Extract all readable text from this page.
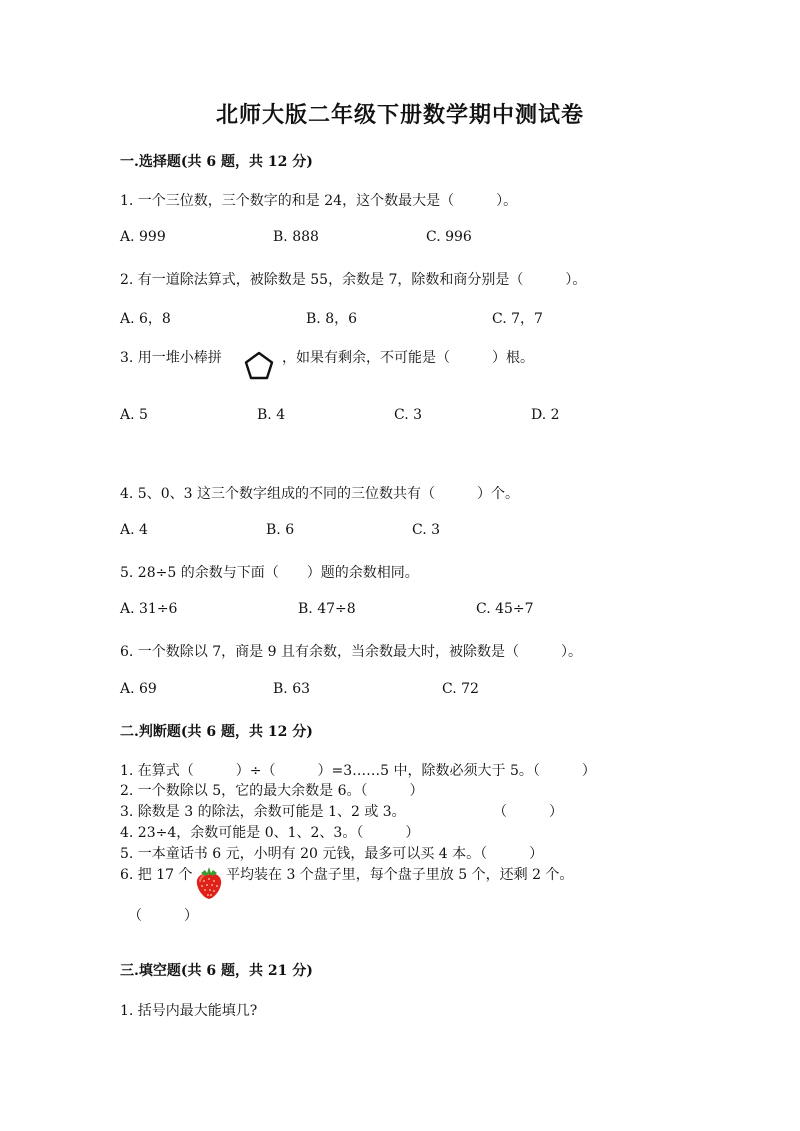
北师大版二年级下册数学期中测试卷
一.选择题(共 6 题，共 12 分)
1. 一个三位数，三个数字的和是 24，这个数最大是（　　　）。
A. 999	B. 888	C. 996
2. 有一道除法算式，被除数是 55，余数是 7，除数和商分别是（　　　）。
A. 6，8	B. 8，6	C. 7，7
3. 用一堆小棒拼	，如果有剩余，不可能是（　　　）根。
A. 5	B. 4	C. 3	D. 2
4. 5、0、3 这三个数字组成的不同的三位数共有（　　　）个。
A. 4	B. 6	C. 3
5. 28÷5 的余数与下面（　　）题的余数相同。
A. 31÷6	B. 47÷8	C. 45÷7
6. 一个数除以 7，商是 9 且有余数，当余数最大时，被除数是（　　　）。
A. 69	B. 63	C. 72
二.判断题(共 6 题，共 12 分)
1. 在算式（　　　）÷（　　　）=3……5 中，除数必须大于 5。（　　　）
2. 一个数除以 5，它的最大余数是 6。（　　　）
3. 除数是 3 的除法，余数可能是 1、2 或 3。	（　　　）
4. 23÷4，余数可能是 0、1、2、3。（　　　）
5. 一本童话书 6 元，小明有 20 元钱，最多可以买 4 本。（　　　）
6. 把 17 个 平均装在 3 个盘子里，每个盘子里放 5 个，还剩 2 个。
（　　　）
三.填空题(共 6 题，共 21 分)
1. 括号内最大能填几?
